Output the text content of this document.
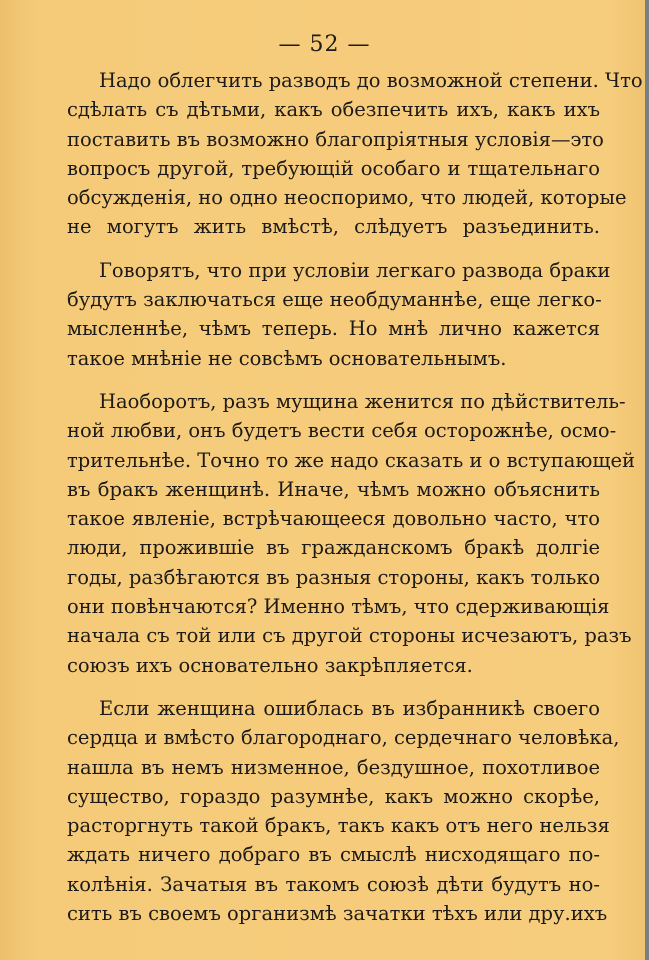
— 52 —

Надо облегчить разводъ до возможной степени. Что
сдѣлать съ дѣтьми, какъ обезпечить ихъ, какъ ихъ
поставить въ возможно благопріятныя условія—это
вопросъ другой, требующій особаго и тщательнаго
обсужденія, но одно неоспоримо, что людей, которые
не могутъ жить вмѣстѣ, слѣдуетъ разъединить.

Говорятъ, что при условіи легкаго развода браки
будутъ заключаться еще необдуманнѣе, еще легко-
мысленнѣе, чѣмъ теперь. Но мнѣ лично кажется
такое мнѣніе не совсѣмъ основательнымъ.

Наоборотъ, разъ мущина женится по дѣйствитель-
ной любви, онъ будетъ вести себя осторожнѣе, осмо-
трительнѣе. Точно то же надо сказать и о вступающей
въ бракъ женщинѣ. Иначе, чѣмъ можно объяснить
такое явленіе, встрѣчающееся довольно часто, что
люди, прожившіе въ гражданскомъ бракѣ долгіе
годы, разбѣгаются въ разныя стороны, какъ только
они повѣнчаются? Именно тѣмъ, что сдерживающія
начала съ той или съ другой стороны исчезаютъ, разъ
союзъ ихъ основательно закрѣпляется.

Если женщина ошиблась въ избранникѣ своего
сердца и вмѣсто благороднаго, сердечнаго человѣка,
нашла въ немъ низменное, бездушное, похотливое
существо, гораздо разумнѣе, какъ можно скорѣе,
расторгнуть такой бракъ, такъ какъ отъ него нельзя
ждать ничего добраго въ смыслѣ нисходящаго по-
колѣнія. Зачатыя въ такомъ союзѣ дѣти будутъ но-
сить въ своемъ организмѣ зачатки тѣхъ или дру.ихъ
